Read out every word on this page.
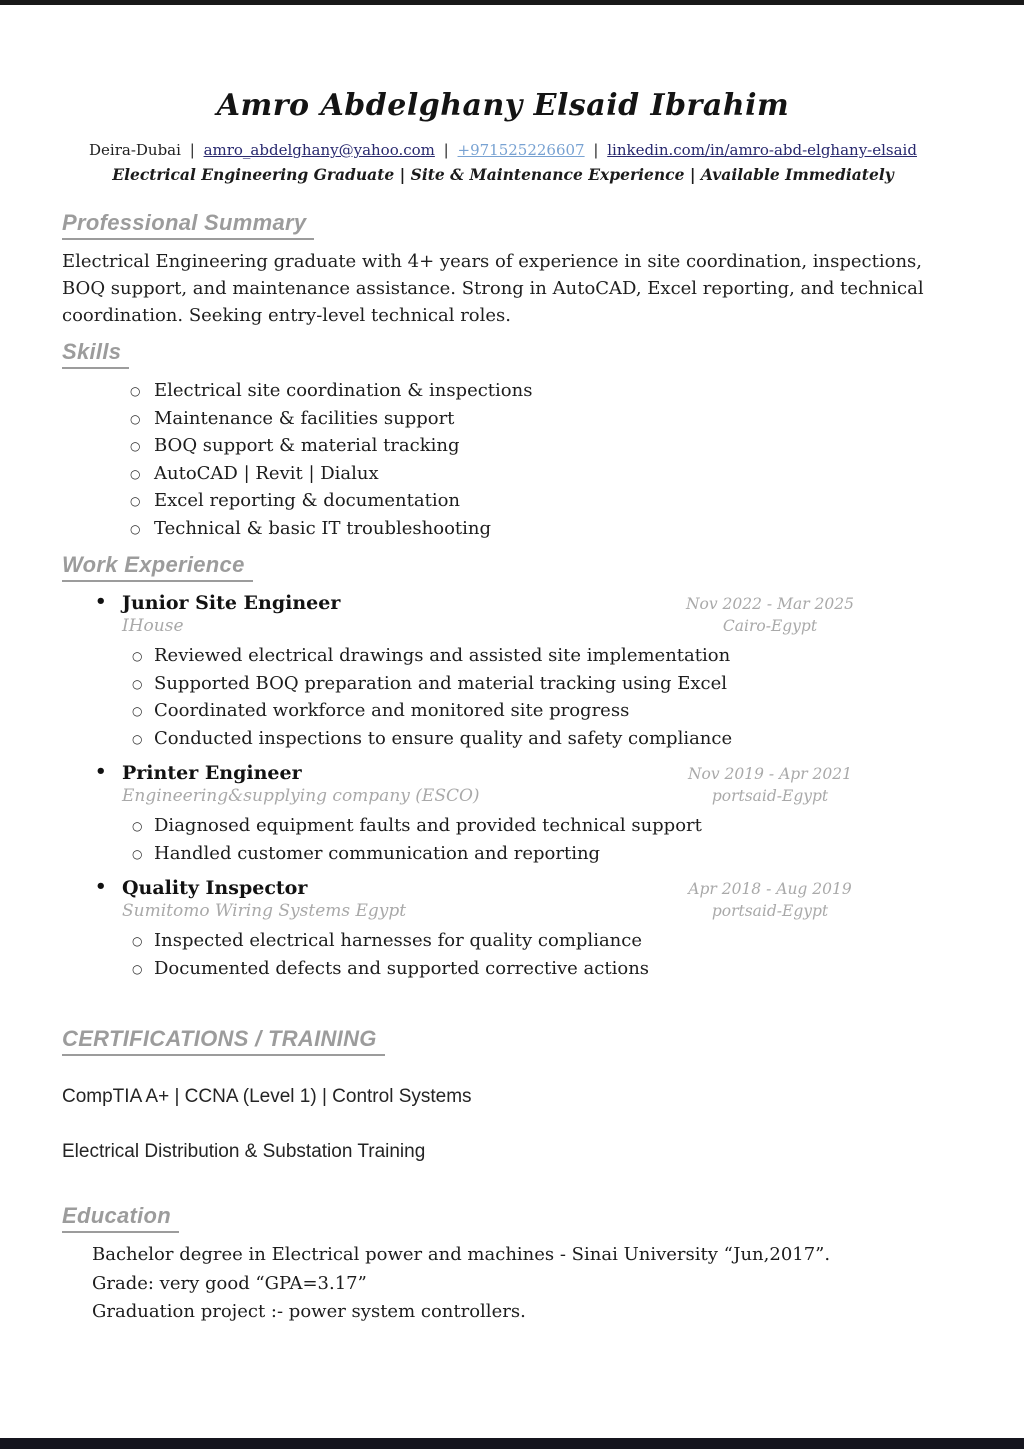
Amro Abdelghany Elsaid Ibrahim

Deira-Dubai | amro_abdelghany@yahoo.com | +971525226607 | linkedin.com/in/amro-abd-elghany-elsaid

Electrical Engineering Graduate | Site & Maintenance Experience | Available Immediately

Professional Summary

Electrical Engineering graduate with 4+ years of experience in site coordination, inspections, BOQ support, and maintenance assistance. Strong in AutoCAD, Excel reporting, and technical coordination. Seeking entry-level technical roles.

Skills
○ Electrical site coordination & inspections
○ Maintenance & facilities support
○ BOQ support & material tracking
○ AutoCAD | Revit | Dialux
○ Excel reporting & documentation
○ Technical & basic IT troubleshooting
Work Experience
• Junior Site Engineer	Nov 2022 - Mar 2025
IHouse	Cairo-Egypt
○ Reviewed electrical drawings and assisted site implementation
○ Supported BOQ preparation and material tracking using Excel
○ Coordinated workforce and monitored site progress
○ Conducted inspections to ensure quality and safety compliance
• Printer Engineer	Nov 2019 - Apr 2021
Engineering&supplying company (ESCO)	portsaid-Egypt
○ Diagnosed equipment faults and provided technical support
○ Handled customer communication and reporting
• Quality Inspector	Apr 2018 - Aug 2019
Sumitomo Wiring Systems Egypt	portsaid-Egypt
○ Inspected electrical harnesses for quality compliance
○ Documented defects and supported corrective actions
CERTIFICATIONS / TRAINING

CompTIA A+ | CCNA (Level 1) | Control Systems

Electrical Distribution & Substation Training

Education
Bachelor degree in Electrical power and machines - Sinai University “Jun,2017”.
Grade: very good “GPA=3.17”
Graduation project :- power system controllers.
